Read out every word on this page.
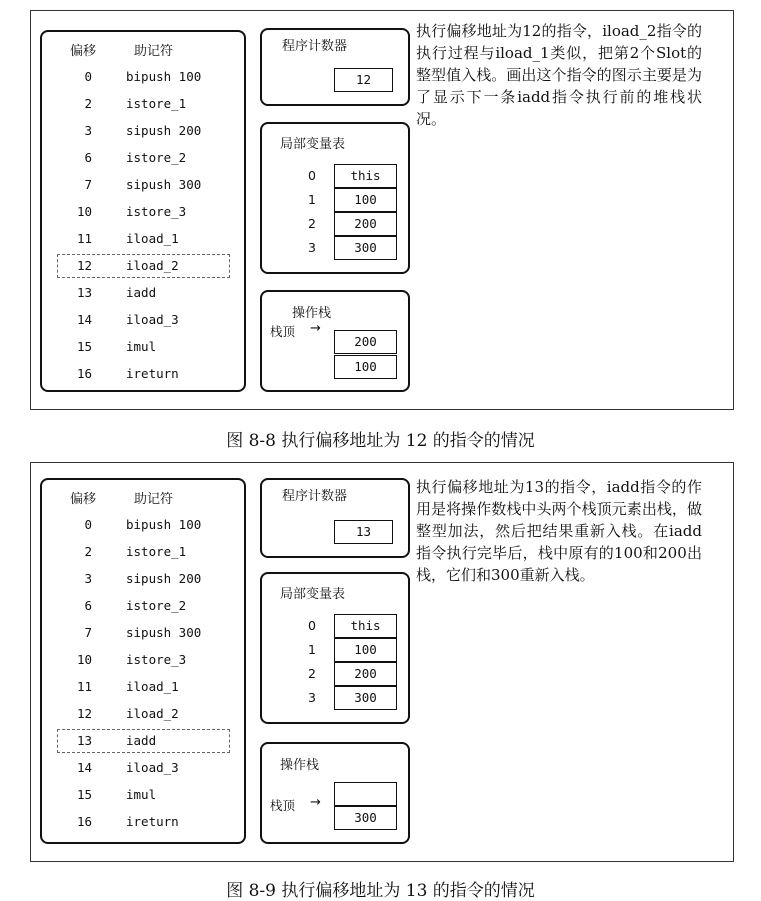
偏移	助记符
0	bipush 100
2	istore_1
3	sipush 200
6	istore_2
7	sipush 300
10	istore_3
11	iload_1
12	iload_2
13	iadd
14	iload_3
15	imul
16	ireturn
程序计数器
12
局部变量表
0	this
1	100
2	200
3	300
操作栈
栈顶 →
200
100
执行偏移地址为12的指令，iload_2指令的执行过程与iload_1类似，把第2个Slot的整型值入栈。画出这个指令的图示主要是为了显示下一条iadd指令执行前的堆栈状况。
图 8-8 执行偏移地址为 12 的指令的情况
偏移	助记符
0	bipush 100
2	istore_1
3	sipush 200
6	istore_2
7	sipush 300
10	istore_3
11	iload_1
12	iload_2
13	iadd
14	iload_3
15	imul
16	ireturn
程序计数器
13
局部变量表
0	this
1	100
2	200
3	300
操作栈
栈顶 →
300
执行偏移地址为13的指令，iadd指令的作用是将操作数栈中头两个栈顶元素出栈，做整型加法，然后把结果重新入栈。在iadd指令执行完毕后，栈中原有的100和200出栈，它们和300重新入栈。
图 8-9 执行偏移地址为 13 的指令的情况
